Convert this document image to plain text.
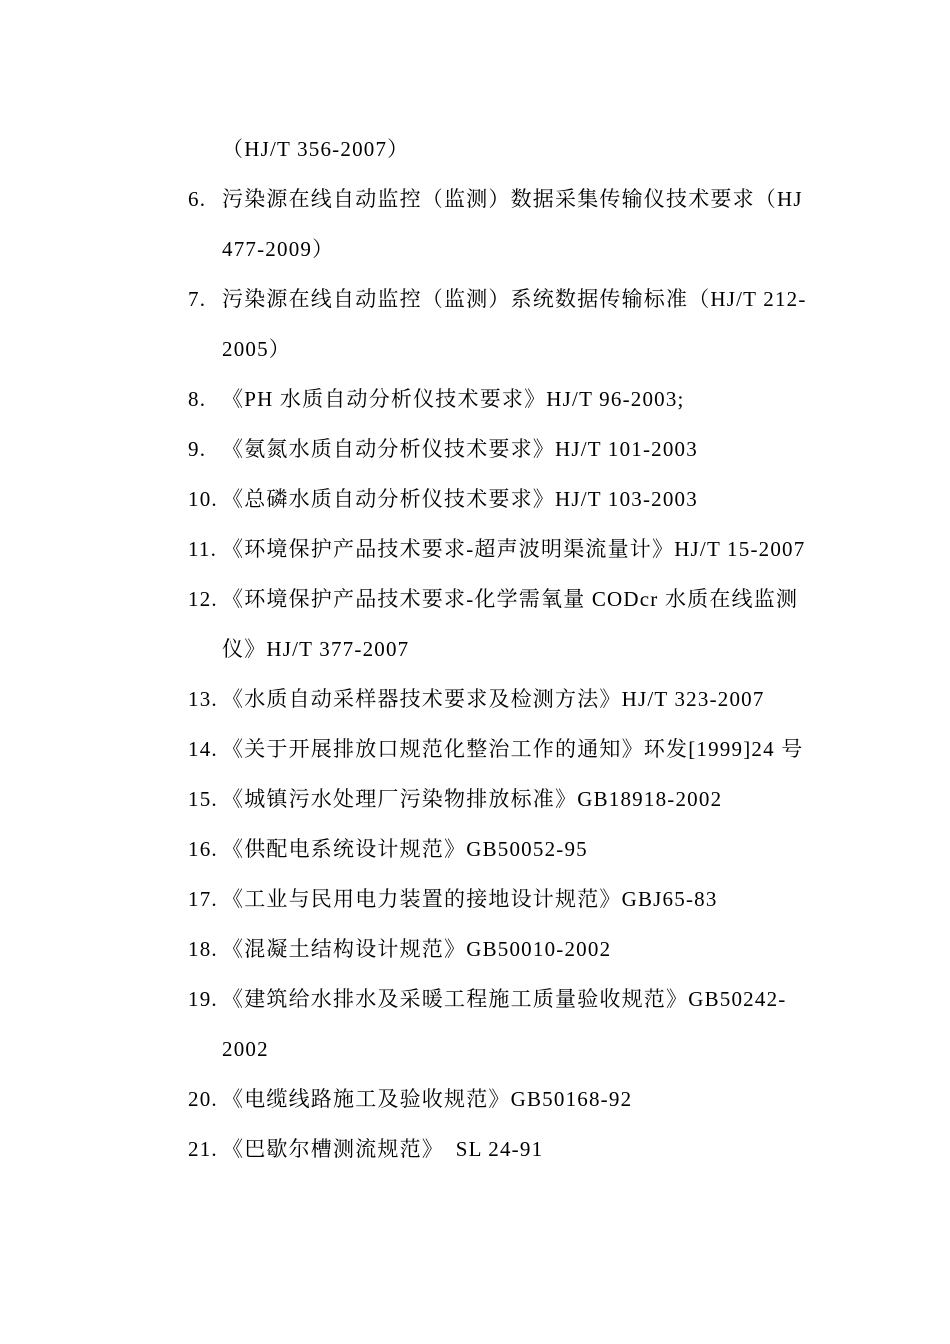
（HJ/T 356-2007）
6. 污染源在线自动监控（监测）数据采集传输仪技术要求（HJ
477-2009）
7. 污染源在线自动监控（监测）系统数据传输标准（HJ/T 212-
2005）
8. 《PH 水质自动分析仪技术要求》HJ/T 96-2003;
9. 《氨氮水质自动分析仪技术要求》HJ/T 101-2003
10. 《总磷水质自动分析仪技术要求》HJ/T 103-2003
11. 《环境保护产品技术要求-超声波明渠流量计》HJ/T 15-2007
12. 《环境保护产品技术要求-化学需氧量 CODcr 水质在线监测
仪》HJ/T 377-2007
13. 《水质自动采样器技术要求及检测方法》HJ/T 323-2007
14. 《关于开展排放口规范化整治工作的通知》环发[1999]24 号
15. 《城镇污水处理厂污染物排放标准》GB18918-2002
16. 《供配电系统设计规范》GB50052-95
17. 《工业与民用电力装置的接地设计规范》GBJ65-83
18. 《混凝土结构设计规范》GB50010-2002
19. 《建筑给水排水及采暖工程施工质量验收规范》GB50242-
2002
20. 《电缆线路施工及验收规范》GB50168-92
21. 《巴歇尔槽测流规范》　SL 24-91
